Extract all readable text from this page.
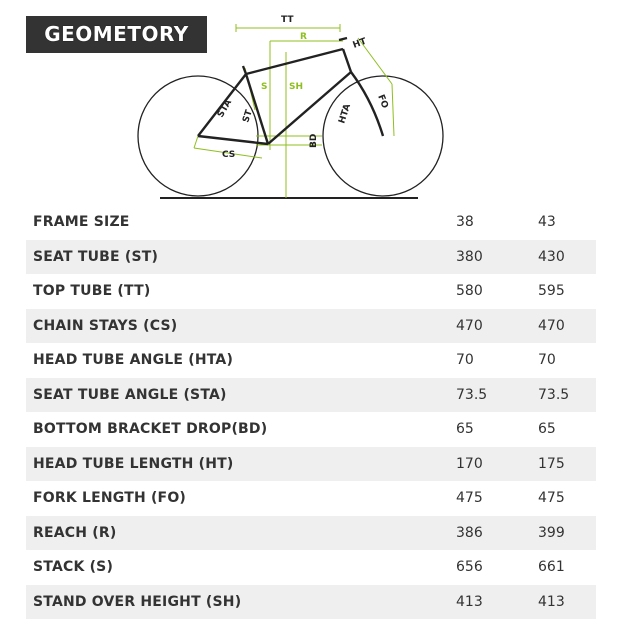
GEOMETORY
TT
R	HT
S SH
STA ST	HTA
FO
BD
CS
FRAME SIZE	38	43
SEAT TUBE (ST)	380	430
TOP TUBE (TT)	580	595
CHAIN STAYS (CS)	470	470
HEAD TUBE ANGLE (HTA)	70	70
SEAT TUBE ANGLE (STA)	73.5	73.5
BOTTOM BRACKET DROP(BD)	65	65
HEAD TUBE LENGTH (HT)	170	175
FORK LENGTH (FO)	475	475
REACH (R)	386	399
STACK (S)	656	661
STAND OVER HEIGHT (SH)	413	413
